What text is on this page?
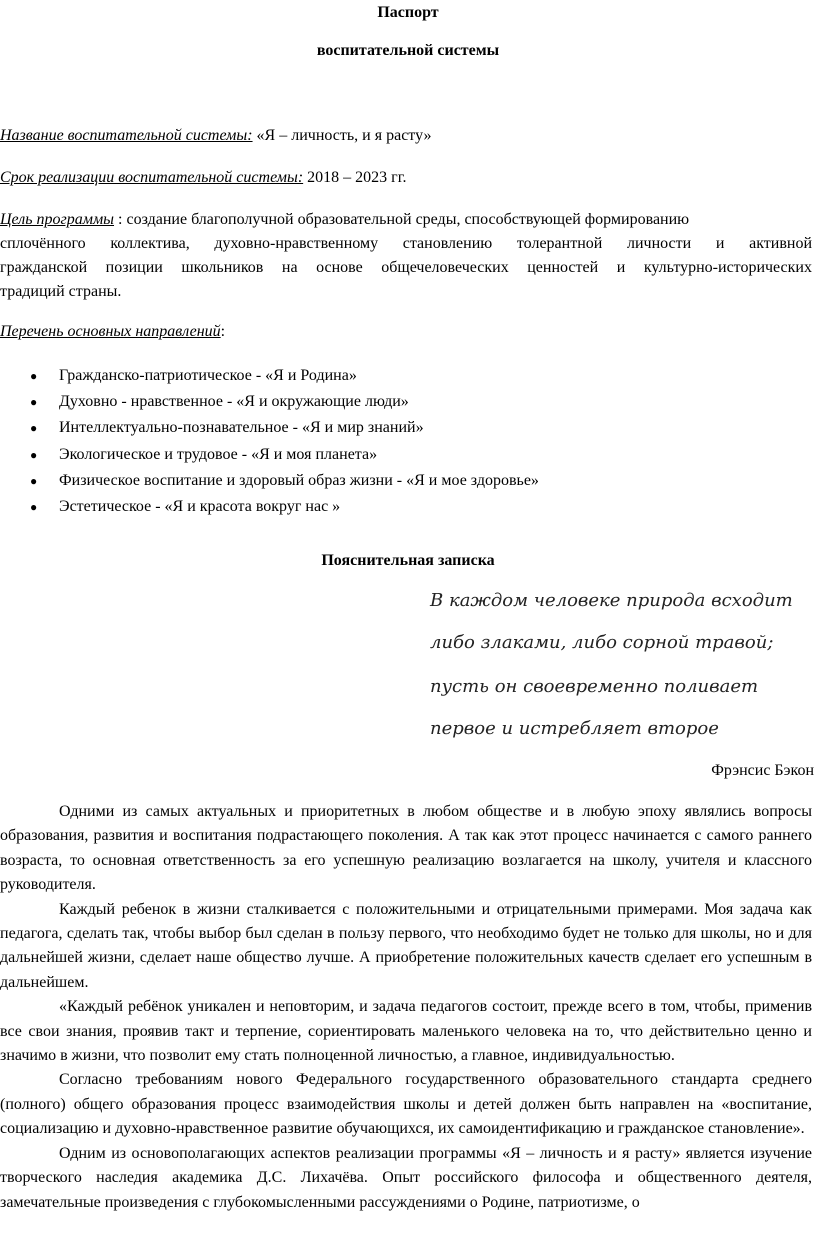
Паспорт
воспитательной системы
Название воспитательной системы: «Я – личность, и я расту»
Срок реализации воспитательной системы: 2018 – 2023 гг.
Цель программы : создание благополучной образовательной среды, способствующей формированию
сплочённого коллектива, духовно-нравственному становлению толерантной личности и активной
гражданской позиции школьников на основе общечеловеческих ценностей и культурно-исторических
традиций страны.
Перечень основных направлений:
● Гражданско-патриотическое - «Я и Родина»
● Духовно - нравственное - «Я и окружающие люди»
● Интеллектуально-познавательное - «Я и мир знаний»
● Экологическое и трудовое - «Я и моя планета»
● Физическое воспитание и здоровый образ жизни - «Я и мое здоровье»
● Эстетическое - «Я и красота вокруг нас »
Пояснительная записка
В каждом человеке природа всходит
либо злаками, либо сорной травой;
пусть он своевременно поливает
первое и истребляет второе
Фрэнсис Бэкон

Одними из самых актуальных и приоритетных в любом обществе и в любую эпоху являлись вопросы образования, развития и воспитания подрастающего поколения. А так как этот процесс начинается с самого раннего возраста, то основная ответственность за его успешную реализацию возлагается на школу, учителя и классного руководителя.

Каждый ребенок в жизни сталкивается с положительными и отрицательными примерами. Моя задача как педагога, сделать так, чтобы выбор был сделан в пользу первого, что необходимо будет не только для школы, но и для дальнейшей жизни, сделает наше общество лучше. А приобретение положительных качеств сделает его успешным в дальнейшем.

«Каждый ребёнок уникален и неповторим, и задача педагогов состоит, прежде всего в том, чтобы, применив все свои знания, проявив такт и терпение, сориентировать маленького человека на то, что действительно ценно и значимо в жизни, что позволит ему стать полноценной личностью, а главное, индивидуальностью.

Согласно требованиям нового Федерального государственного образовательного стандарта среднего (полного) общего образования процесс взаимодействия школы и детей должен быть направлен на «воспитание, социализацию и духовно-нравственное развитие обучающихся, их самоидентификацию и гражданское становление».

Одним из основополагающих аспектов реализации программы «Я – личность и я расту» является изучение творческого наследия академика Д.С. Лихачёва. Опыт российского философа и общественного деятеля, замечательные произведения с глубокомысленными рассуждениями о Родине, патриотизме, о
